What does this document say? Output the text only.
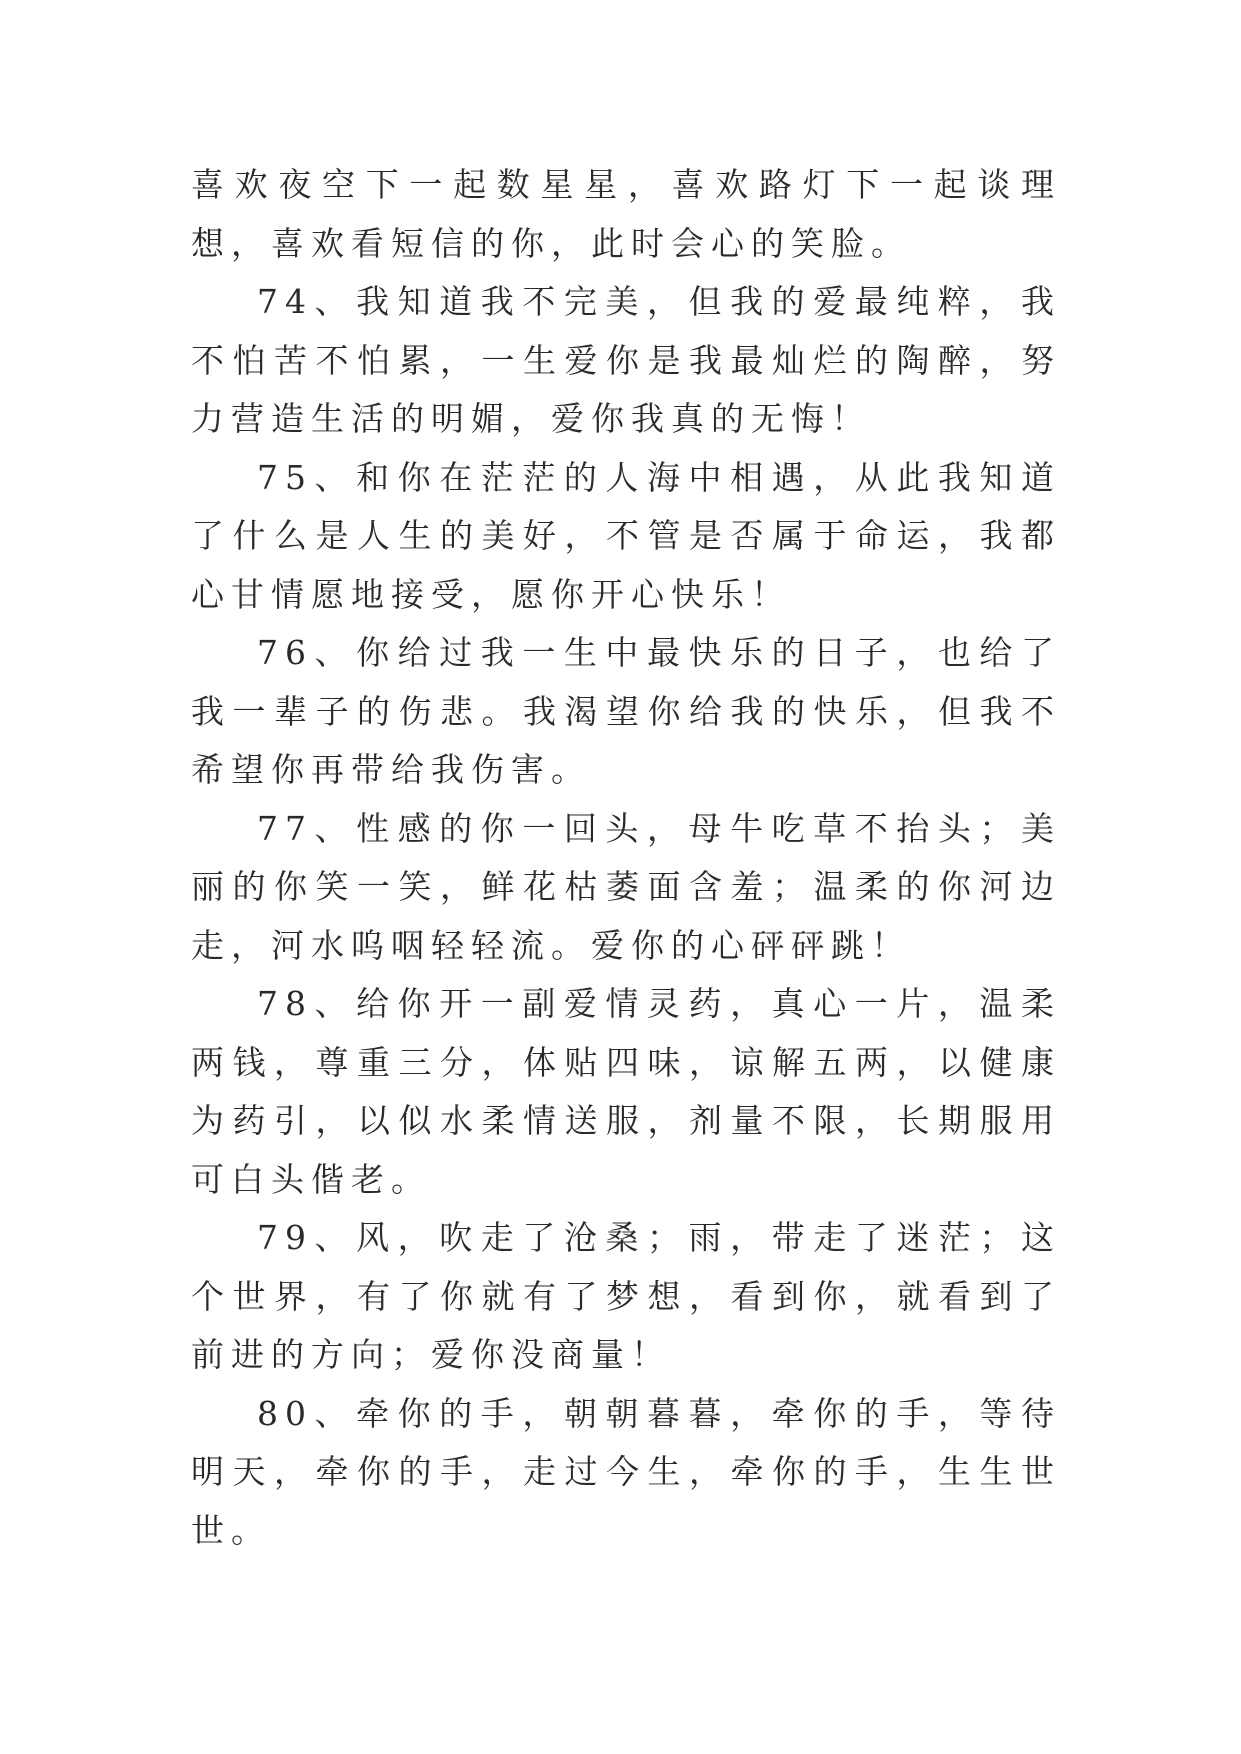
喜欢夜空下一起数星星，喜欢路灯下一起谈理想，喜欢看短信的你，此时会心的笑脸。

74、我知道我不完美，但我的爱最纯粹，我不怕苦不怕累，一生爱你是我最灿烂的陶醉，努力营造生活的明媚，爱你我真的无悔！

75、和你在茫茫的人海中相遇，从此我知道了什么是人生的美好，不管是否属于命运，我都心甘情愿地接受，愿你开心快乐！

76、你给过我一生中最快乐的日子，也给了我一辈子的伤悲。我渴望你给我的快乐，但我不希望你再带给我伤害。

77、性感的你一回头，母牛吃草不抬头；美丽的你笑一笑，鲜花枯萎面含羞；温柔的你河边走，河水呜咽轻轻流。爱你的心砰砰跳！

78、给你开一副爱情灵药，真心一片，温柔两钱，尊重三分，体贴四味，谅解五两，以健康为药引，以似水柔情送服，剂量不限，长期服用可白头偕老。

79、风，吹走了沧桑；雨，带走了迷茫；这个世界，有了你就有了梦想，看到你，就看到了前进的方向；爱你没商量！

80、牵你的手，朝朝暮暮，牵你的手，等待明天，牵你的手，走过今生，牵你的手，生生世世。
